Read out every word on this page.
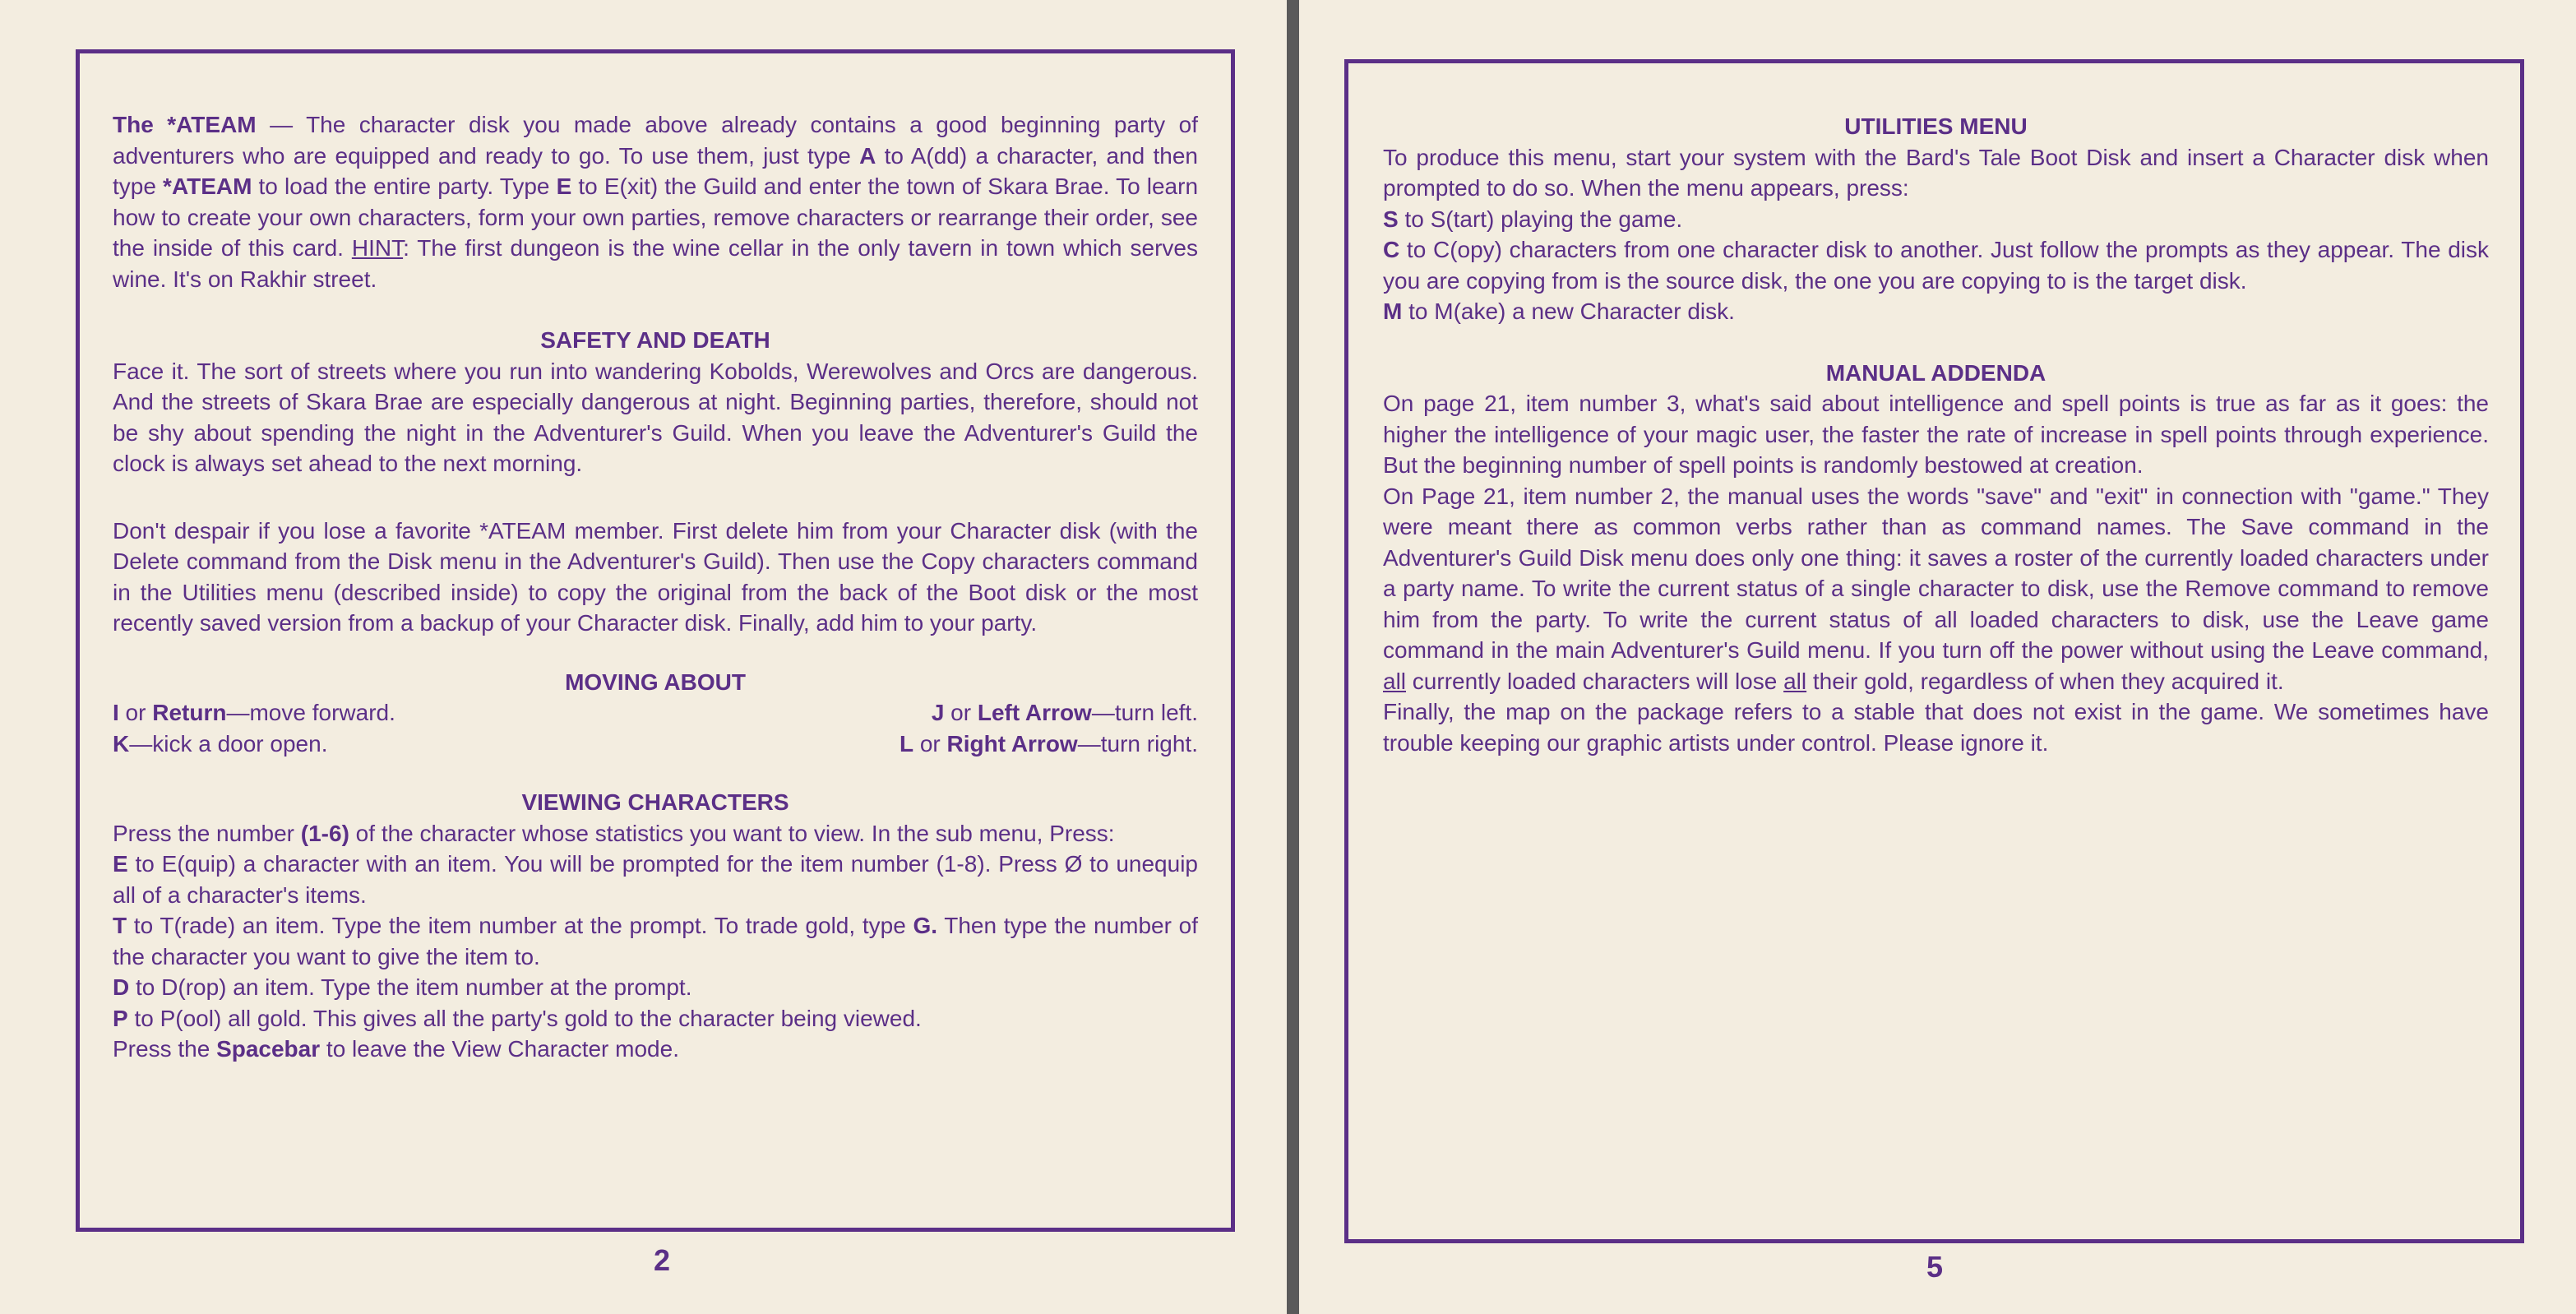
The *ATEAM — The character disk you made above already contains a good beginning party of adventurers who are equipped and ready to go. To use them, just type A to A(dd) a character, and then type *ATEAM to load the entire party. Type E to E(xit) the Guild and enter the town of Skara Brae. To learn how to create your own characters, form your own parties, remove characters or rearrange their order, see the inside of this card. HINT: The first dungeon is the wine cellar in the only tavern in town which serves wine. It's on Rakhir street.

SAFETY AND DEATH

Face it. The sort of streets where you run into wandering Kobolds, Werewolves and Orcs are dangerous. And the streets of Skara Brae are especially dangerous at night. Beginning parties, therefore, should not be shy about spending the night in the Adventurer's Guild. When you leave the Adventurer's Guild the clock is always set ahead to the next morning.

Don't despair if you lose a favorite *ATEAM member. First delete him from your Character disk (with the Delete command from the Disk menu in the Adventurer's Guild). Then use the Copy characters command in the Utilities menu (described inside) to copy the original from the back of the Boot disk or the most recently saved version from a backup of your Character disk. Finally, add him to your party.

MOVING ABOUT

I or Return—move forward.	J or Left Arrow—turn left.
K—kick a door open.	L or Right Arrow—turn right.

VIEWING CHARACTERS

Press the number (1-6) of the character whose statistics you want to view. In the sub menu, Press:

E to E(quip) a character with an item. You will be prompted for the item number (1-8). Press Ø to unequip all of a character's items.

T to T(rade) an item. Type the item number at the prompt. To trade gold, type G. Then type the number of the character you want to give the item to.

D to D(rop) an item. Type the item number at the prompt.

P to P(ool) all gold. This gives all the party's gold to the character being viewed.

Press the Spacebar to leave the View Character mode.

2

UTILITIES MENU

To produce this menu, start your system with the Bard's Tale Boot Disk and insert a Character disk when prompted to do so. When the menu appears, press:

S to S(tart) playing the game.

C to C(opy) characters from one character disk to another. Just follow the prompts as they appear. The disk you are copying from is the source disk, the one you are copying to is the target disk.

M to M(ake) a new Character disk.

MANUAL ADDENDA

On page 21, item number 3, what's said about intelligence and spell points is true as far as it goes: the higher the intelligence of your magic user, the faster the rate of increase in spell points through experience. But the beginning number of spell points is randomly bestowed at creation.

On Page 21, item number 2, the manual uses the words "save" and "exit" in connection with "game." They were meant there as common verbs rather than as command names. The Save command in the Adventurer's Guild Disk menu does only one thing: it saves a roster of the currently loaded characters under a party name. To write the current status of a single character to disk, use the Remove command to remove him from the party. To write the current status of all loaded characters to disk, use the Leave game command in the main Adventurer's Guild menu. If you turn off the power without using the Leave command, all currently loaded characters will lose all their gold, regardless of when they acquired it.

Finally, the map on the package refers to a stable that does not exist in the game. We sometimes have trouble keeping our graphic artists under control. Please ignore it.

5
